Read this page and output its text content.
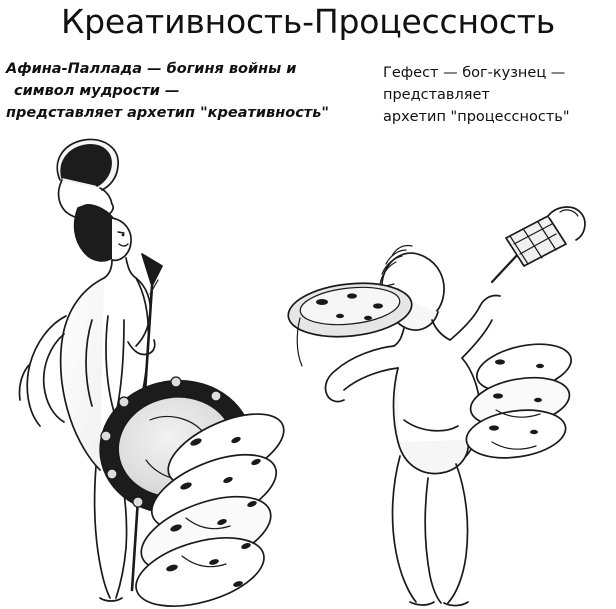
Креативность-Процессность
Афина-Паллада — богиня войны и
символ мудрости —
представляет архетип "креативность"
Гефест — бог-кузнец —
представляет
архетип "процессность"
